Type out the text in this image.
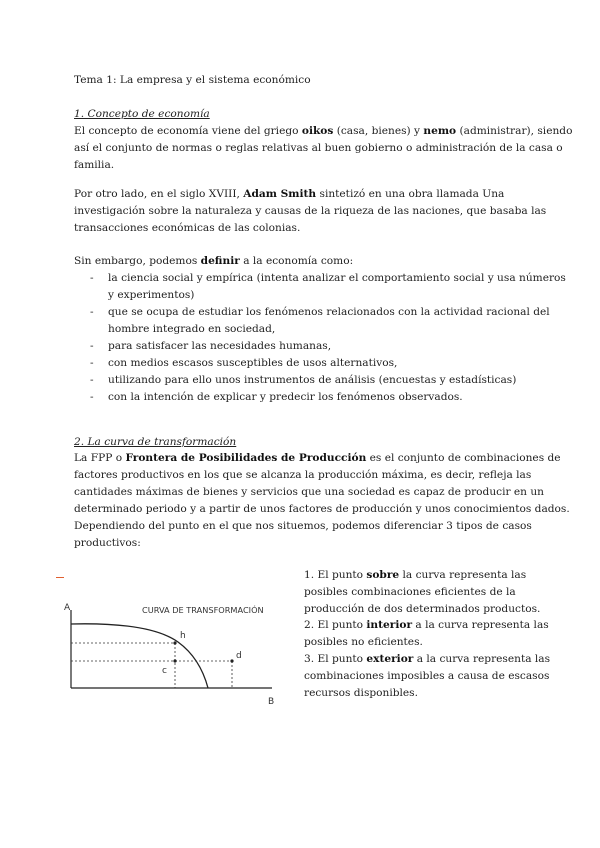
Tema 1: La empresa y el sistema económico
1. Concepto de economía
El concepto de economía viene del griego oikos (casa, bienes) y nemo (administrar), siendo
así el conjunto de normas o reglas relativas al buen gobierno o administración de la casa o
familia.
Por otro lado, en el siglo XVIII, Adam Smith sintetizó en una obra llamada Una
investigación sobre la naturaleza y causas de la riqueza de las naciones, que basaba las
transacciones económicas de las colonias.
Sin embargo, podemos definir a la economía como:
- la ciencia social y empírica (intenta analizar el comportamiento social y usa números
y experimentos)
- que se ocupa de estudiar los fenómenos relacionados con la actividad racional del
hombre integrado en sociedad,
- para satisfacer las necesidades humanas,
- con medios escasos susceptibles de usos alternativos,
- utilizando para ello unos instrumentos de análisis (encuestas y estadísticas)
- con la intención de explicar y predecir los fenómenos observados.
2. La curva de transformación
La FPP o Frontera de Posibilidades de Producción es el conjunto de combinaciones de
factores productivos en los que se alcanza la producción máxima, es decir, refleja las
cantidades máximas de bienes y servicios que una sociedad es capaz de producir en un
determinado periodo y a partir de unos factores de producción y unos conocimientos dados.
Dependiendo del punto en el que nos situemos, podemos diferenciar 3 tipos de casos
productivos:
CURVA DE TRANSFORMACIÓN
A
B
h
c
d
1. El punto sobre la curva representa las
posibles combinaciones eficientes de la
producción de dos determinados productos.
2. El punto interior a la curva representa las
posibles no eficientes.
3. El punto exterior a la curva representa las
combinaciones imposibles a causa de escasos
recursos disponibles.
